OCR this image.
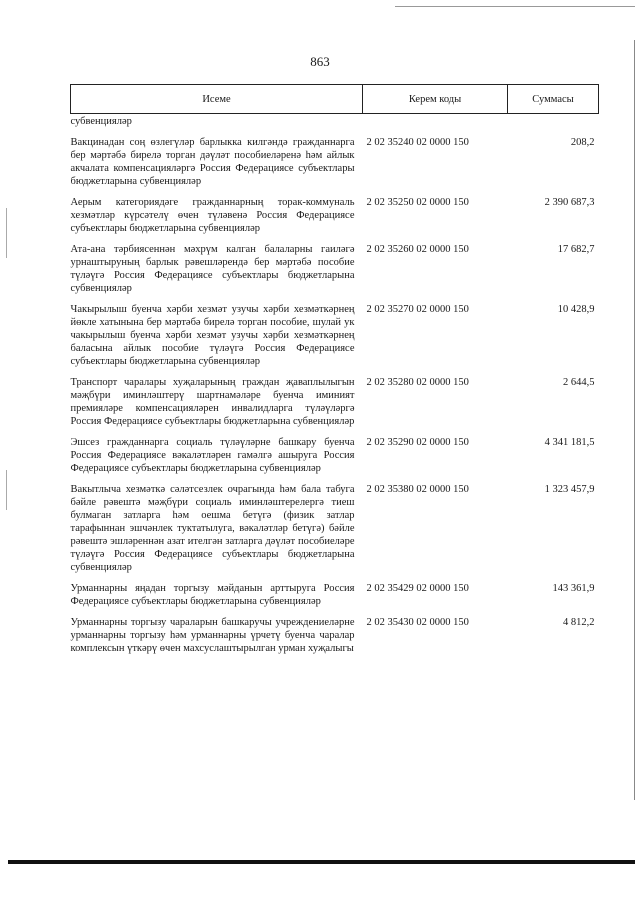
863
Исеме	Керем коды	Суммасы
субвенцияләр		
Вакцинадан соң өзлегүләр барлыкка килгәндә гражданнарга бер мәртәбә бирелә торган дәүләт пособиеләренә һәм айлык акчалата компенсацияләргә Россия Федерациясе субъектлары бюджетларына субвенцияләр	2 02 35240 02 0000 150	208,2
Аерым категориядәге гражданнарның торак-коммуналь хезмәтләр күрсәтелү өчен түләвенә Россия Федерациясе субъектлары бюджетларына субвенцияләр	2 02 35250 02 0000 150	2 390 687,3
Ата-ана тәрбиясеннән мәхрүм калган балаларны гаиләгә урнаштыруның барлык рәвешләрендә бер мәртәбә пособие түләүгә Россия Федерациясе субъектлары бюджетларына субвенцияләр	2 02 35260 02 0000 150	17 682,7
Чакырылыш буенча хәрби хезмәт узучы хәрби хезмәткәрнең йөкле хатынына бер мәртәбә бирелә торган пособие, шулай ук чакырылыш буенча хәрби хезмәт узучы хәрби хезмәткәрнең баласына айлык пособие түләүгә Россия Федерациясе субъектлары бюджетларына субвенцияләр	2 02 35270 02 0000 150	10 428,9
Транспорт чаралары хуҗаларының граждан җаваплылыгын мәҗбүри иминләштерү шартнамәләре буенча иминият премияләре компенсацияләрен инвалидларга түләүләргә Россия Федерациясе субъектлары бюджетларына субвенцияләр	2 02 35280 02 0000 150	2 644,5
Эшсез гражданнарга социаль түләүләрне башкару буенча Россия Федерациясе вәкаләтләрен гамәлгә ашыруга Россия Федерациясе субъектлары бюджетларына субвенцияләр	2 02 35290 02 0000 150	4 341 181,5
Вакытлыча хезмәткә сәләтсезлек очрагында һәм бала табуга бәйле рәвештә мәҗбүри социаль иминләштерелергә тиеш булмаган затларга һәм оешма бетүгә (физик затлар тарафыннан эшчәнлек туктатылуга, вәкаләтләр бетүгә) бәйле рәвештә эшләреннән азат ителгән затларга дәүләт пособиеләре түләүгә Россия Федерациясе субъектлары бюджетларына субвенцияләр	2 02 35380 02 0000 150	1 323 457,9
Урманнарны яңадан торгызу мәйданын арттыруга Россия Федерациясе субъектлары бюджетларына субвенцияләр	2 02 35429 02 0000 150	143 361,9
Урманнарны торгызу чараларын башкаручы учреждениеләрне урманнарны торгызу һәм урманнарны үрчетү буенча чаралар комплексын үткәрү өчен махсуслаштырылган урман хуҗалыгы	2 02 35430 02 0000 150	4 812,2
